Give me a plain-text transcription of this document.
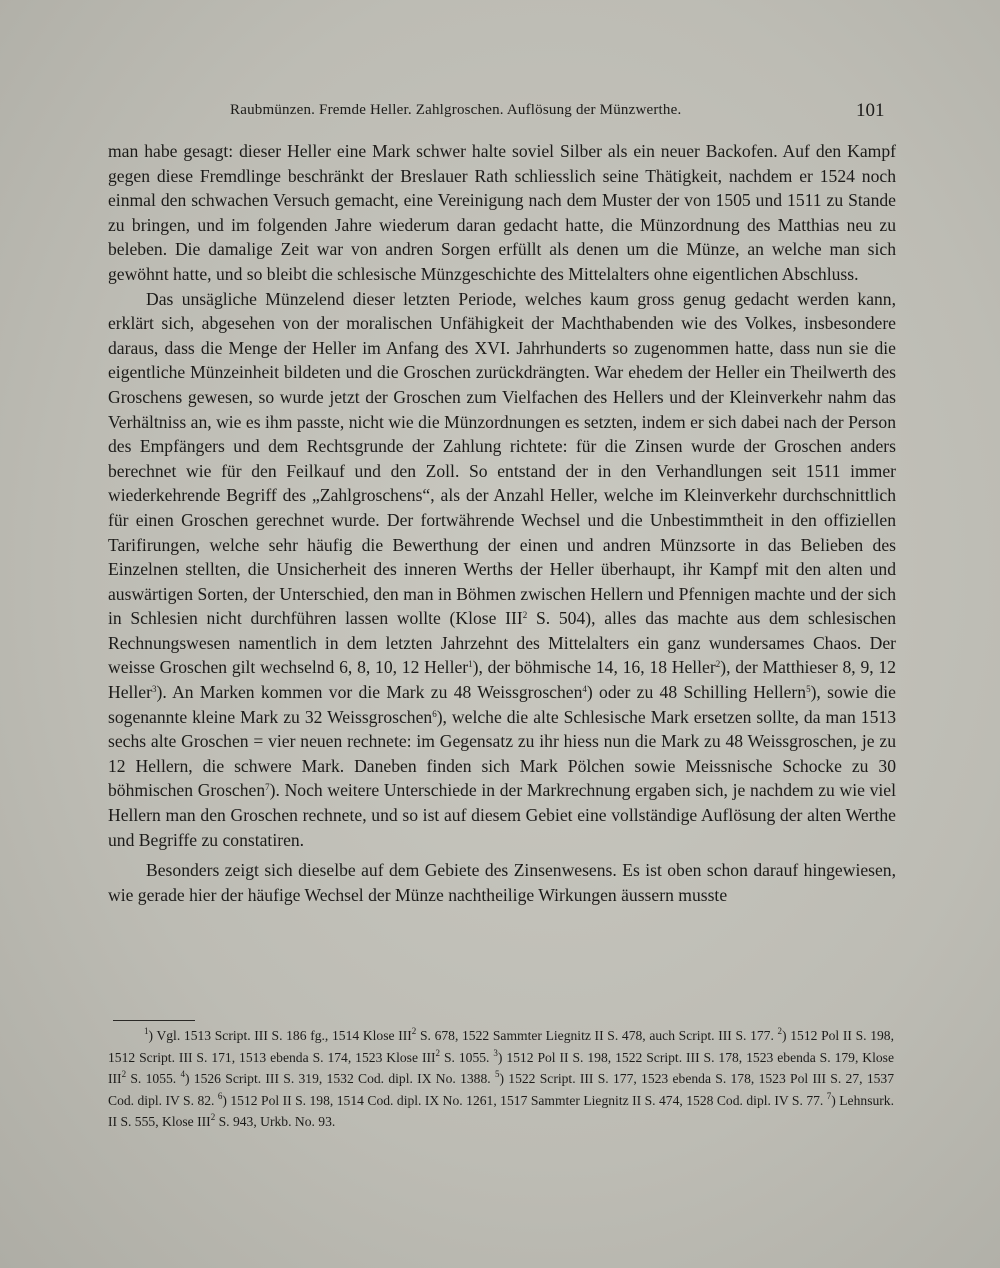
Raubmünzen. Fremde Heller. Zahlgroschen. Auflösung der Münzwerthe.	101

man habe gesagt: dieser Heller eine Mark schwer halte soviel Silber als ein neuer Backofen. Auf den Kampf gegen diese Fremdlinge beschränkt der Breslauer Rath schliesslich seine Thätigkeit, nachdem er 1524 noch einmal den schwachen Versuch gemacht, eine Vereinigung nach dem Muster der von 1505 und 1511 zu Stande zu bringen, und im folgenden Jahre wiederum daran gedacht hatte, die Münzordnung des Matthias neu zu beleben. Die damalige Zeit war von andren Sorgen erfüllt als denen um die Münze, an welche man sich gewöhnt hatte, und so bleibt die schlesische Münzgeschichte des Mittelalters ohne eigentlichen Abschluss.

Das unsägliche Münzelend dieser letzten Periode, welches kaum gross genug gedacht werden kann, erklärt sich, abgesehen von der moralischen Unfähigkeit der Machthabenden wie des Volkes, insbesondere daraus, dass die Menge der Heller im Anfang des XVI. Jahrhunderts so zugenommen hatte, dass nun sie die eigentliche Münzeinheit bildeten und die Groschen zurückdrängten. War ehedem der Heller ein Theilwerth des Groschens gewesen, so wurde jetzt der Groschen zum Vielfachen des Hellers und der Kleinverkehr nahm das Verhältniss an, wie es ihm passte, nicht wie die Münzordnungen es setzten, indem er sich dabei nach der Person des Empfängers und dem Rechtsgrunde der Zahlung richtete: für die Zinsen wurde der Groschen anders berechnet wie für den Feilkauf und den Zoll. So entstand der in den Verhandlungen seit 1511 immer wiederkehrende Begriff des „Zahlgroschens“, als der Anzahl Heller, welche im Kleinverkehr durchschnittlich für einen Groschen gerechnet wurde. Der fortwährende Wechsel und die Unbestimmtheit in den offiziellen Tarifirungen, welche sehr häufig die Bewerthung der einen und andren Münzsorte in das Belieben des Einzelnen stellten, die Unsicherheit des inneren Werths der Heller überhaupt, ihr Kampf mit den alten und auswärtigen Sorten, der Unterschied, den man in Böhmen zwischen Hellern und Pfennigen machte und der sich in Schlesien nicht durchführen lassen wollte (Klose III$^2$ S. 504), alles das machte aus dem schlesischen Rechnungswesen namentlich in dem letzten Jahrzehnt des Mittelalters ein ganz wundersames Chaos. Der weisse Groschen gilt wechselnd 6, 8, 10, 12 Heller$^1$), der böhmische 14, 16, 18 Heller$^2$), der Matthieser 8, 9, 12 Heller$^3$). An Marken kommen vor die Mark zu 48 Weissgroschen$^4$) oder zu 48 Schilling Hellern$^5$), sowie die sogenannte kleine Mark zu 32 Weissgroschen$^6$), welche die alte Schlesische Mark ersetzen sollte, da man 1513 sechs alte Groschen = vier neuen rechnete: im Gegensatz zu ihr hiess nun die Mark zu 48 Weissgroschen, je zu 12 Hellern, die schwere Mark. Daneben finden sich Mark Pölchen sowie Meissnische Schocke zu 30 böhmischen Groschen$^7$). Noch weitere Unterschiede in der Markrechnung ergaben sich, je nachdem zu wie viel Hellern man den Groschen rechnete, und so ist auf diesem Gebiet eine vollständige Auflösung der alten Werthe und Begriffe zu constatiren.

Besonders zeigt sich dieselbe auf dem Gebiete des Zinsenwesens. Es ist oben schon darauf hingewiesen, wie gerade hier der häufige Wechsel der Münze nachtheilige Wirkungen äussern musste

$^1$) Vgl. 1513 Script. III S. 186 fg., 1514 Klose III$^2$ S. 678, 1522 Sammter Liegnitz II S. 478, auch Script. III S. 177. $^2$) 1512 Pol II S. 198, 1512 Script. III S. 171, 1513 ebenda S. 174, 1523 Klose III$^2$ S. 1055. $^3$) 1512 Pol II S. 198, 1522 Script. III S. 178, 1523 ebenda S. 179, Klose III$^2$ S. 1055. $^4$) 1526 Script. III S. 319, 1532 Cod. dipl. IX No. 1388. $^5$) 1522 Script. III S. 177, 1523 ebenda S. 178, 1523 Pol III S. 27, 1537 Cod. dipl. IV S. 82. $^6$) 1512 Pol II S. 198, 1514 Cod. dipl. IX No. 1261, 1517 Sammter Liegnitz II S. 474, 1528 Cod. dipl. IV S. 77. $^7$) Lehnsurk. II S. 555, Klose III$^2$ S. 943, Urkb. No. 93.
